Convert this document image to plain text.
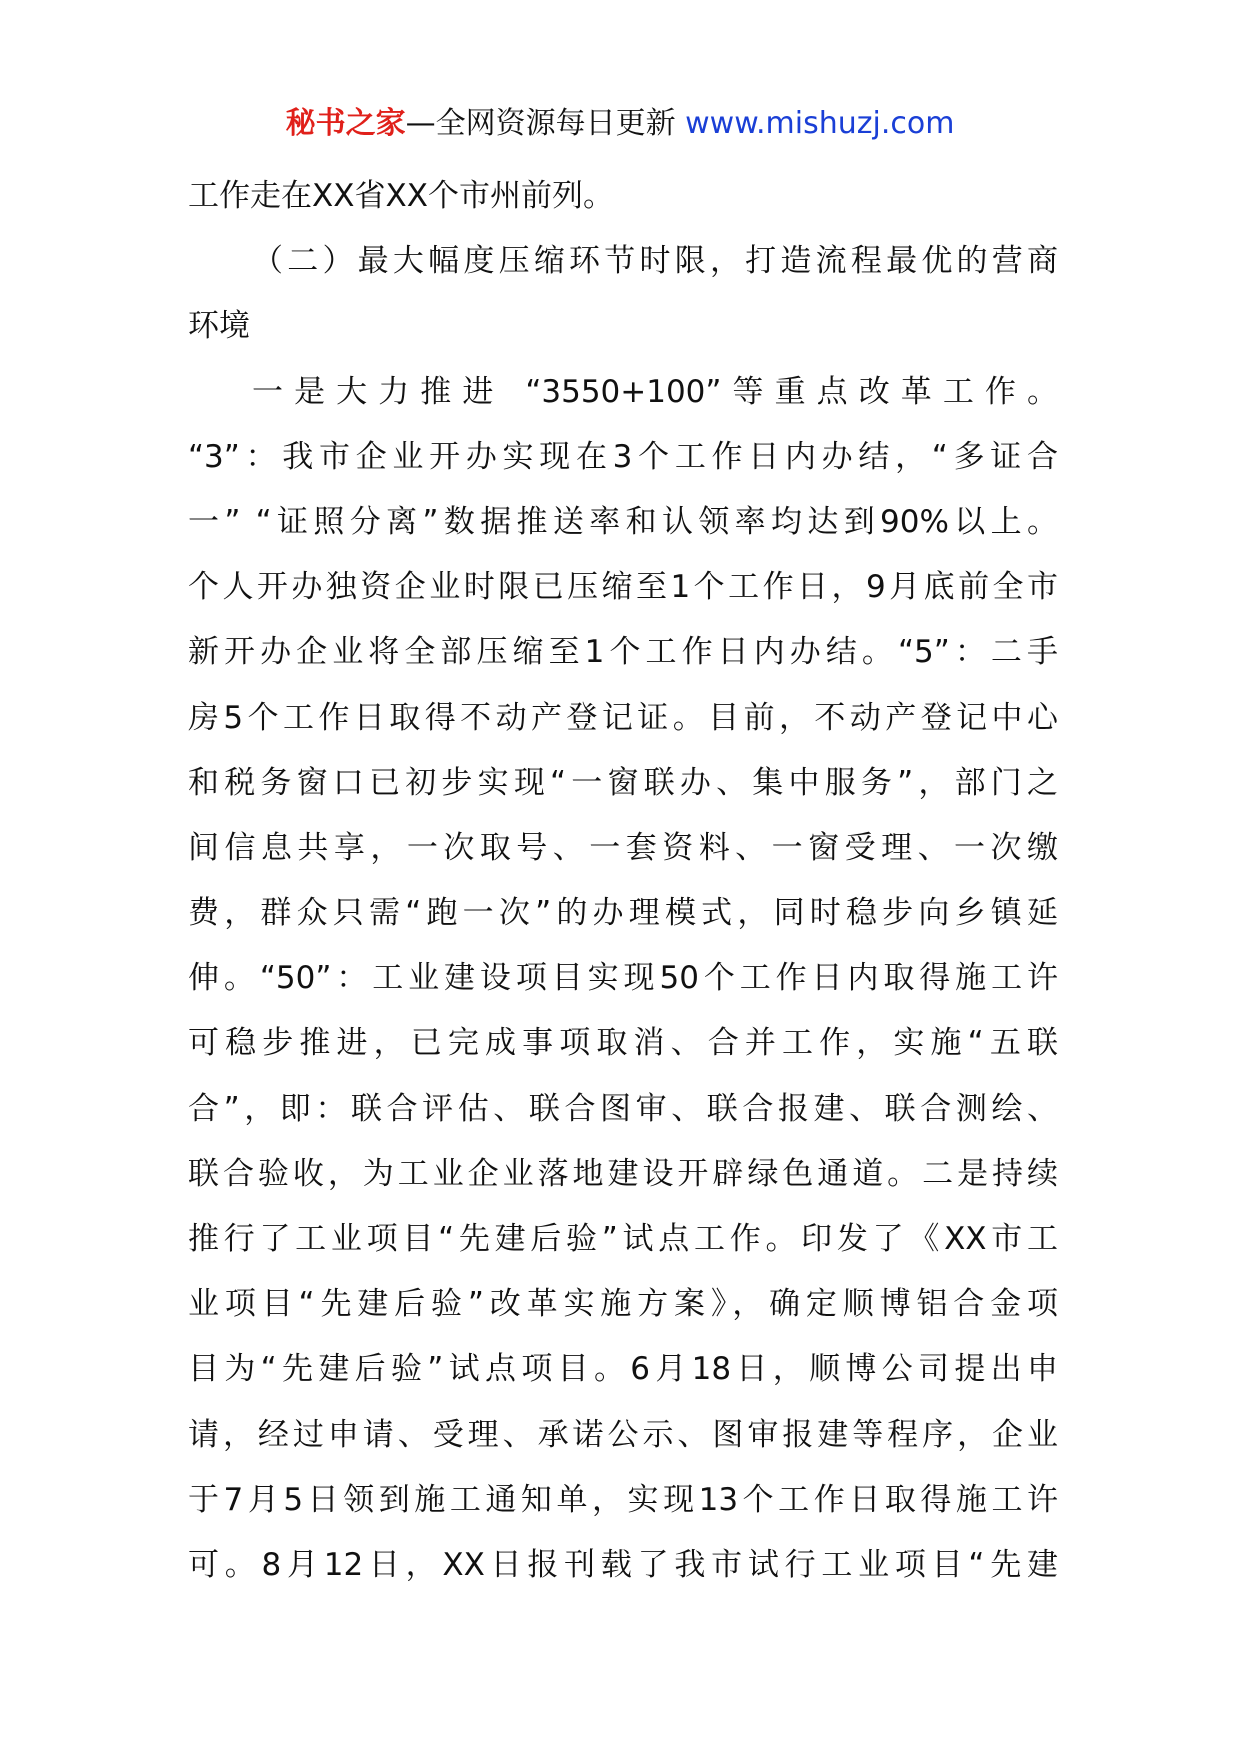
秘书之家—全网资源每日更新 www.mishuzj.com
工作走在XX省XX个市州前列。
（二）最大幅度压缩环节时限，打造流程最优的营商
环境
一是大力推进 “3550+100”等重点改革工作。
“3”：我市企业开办实现在3个工作日内办结，“多证合
一” “证照分离”数据推送率和认领率均达到90%以上。
个人开办独资企业时限已压缩至1个工作日，9月底前全市
新开办企业将全部压缩至1个工作日内办结。“5”：二手
房5个工作日取得不动产登记证。目前，不动产登记中心
和税务窗口已初步实现“一窗联办、集中服务”，部门之
间信息共享，一次取号、一套资料、一窗受理、一次缴
费，群众只需“跑一次”的办理模式，同时稳步向乡镇延
伸。“50”：工业建设项目实现50个工作日内取得施工许
可稳步推进，已完成事项取消、合并工作，实施“五联
合”，即：联合评估、联合图审、联合报建、联合测绘、
联合验收，为工业企业落地建设开辟绿色通道。二是持续
推行了工业项目“先建后验”试点工作。印发了《XX市工
业项目“先建后验”改革实施方案》，确定顺博铝合金项
目为“先建后验”试点项目。6月18日，顺博公司提出申
请，经过申请、受理、承诺公示、图审报建等程序，企业
于7月5日领到施工通知单，实现13个工作日取得施工许
可。8月12日，XX日报刊载了我市试行工业项目“先建
